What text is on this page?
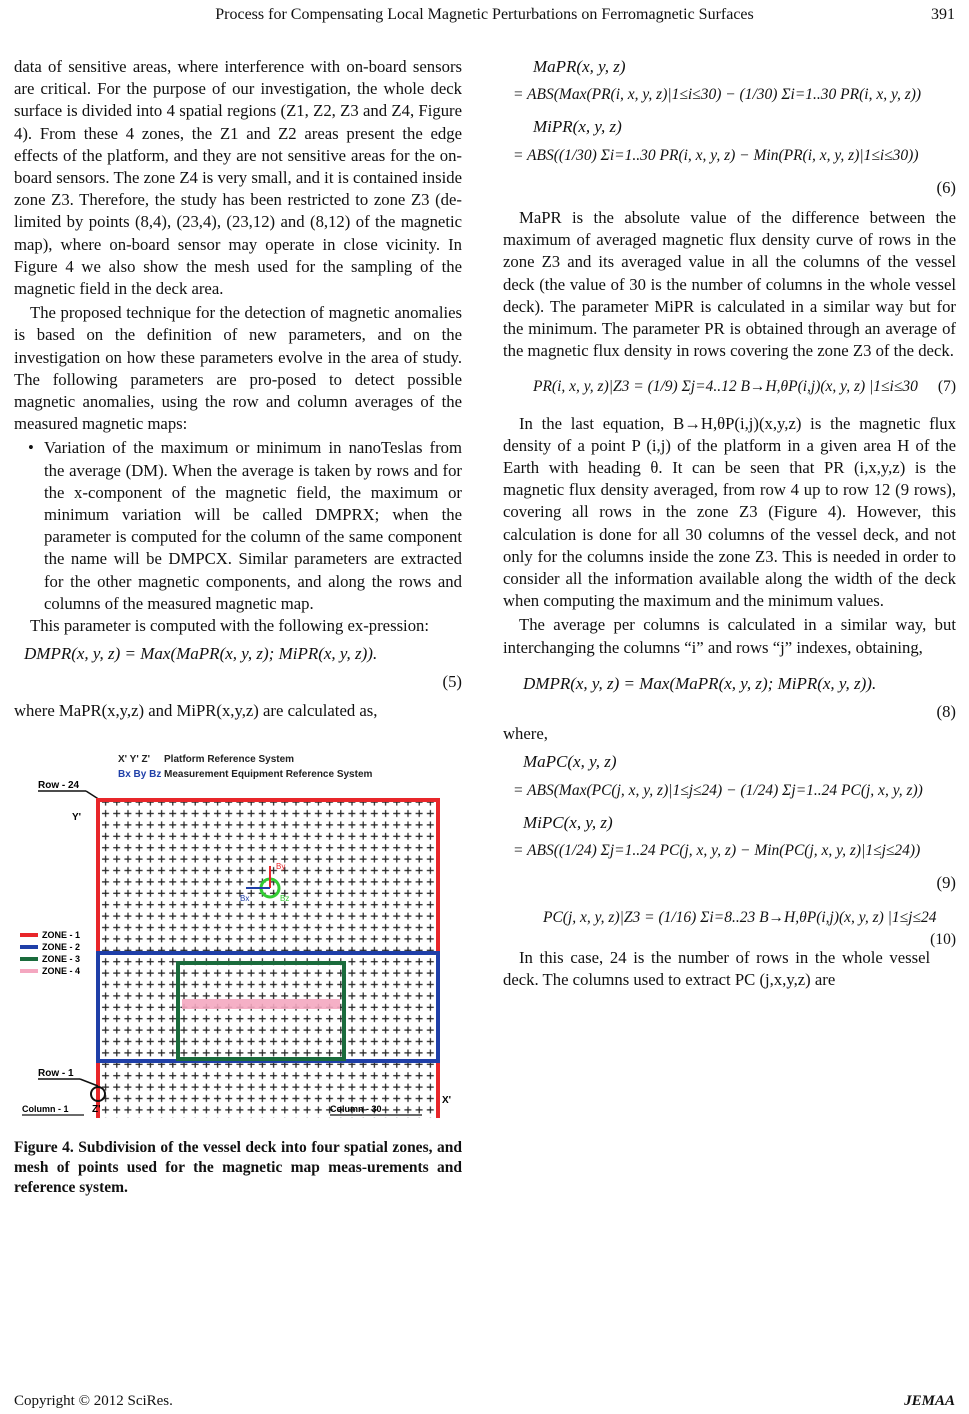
Process for Compensating Local Magnetic Perturbations on Ferromagnetic Surfaces	391

data of sensitive areas, where interference with on-board sensors are critical. For the purpose of our investigation, the whole deck surface is divided into 4 spatial regions (Z1, Z2, Z3 and Z4, Figure 4). From these 4 zones, the Z1 and Z2 areas present the edge effects of the platform, and they are not sensitive areas for the on-board sensors. The zone Z4 is very small, and it is contained inside zone Z3. Therefore, the study has been restricted to zone Z3 (de-limited by points (8,4), (23,4), (23,12) and (8,12) of the magnetic map), where on-board sensor may operate in close vicinity. In Figure 4 we also show the mesh used for the sampling of the magnetic field in the deck area.

The proposed technique for the detection of magnetic anomalies is based on the definition of new parameters, and on the investigation on how these parameters evolve in the area of study. The following parameters are pro-posed to detect possible magnetic anomalies, using the row and column averages of the measured magnetic maps:

• Variation of the maximum or minimum in nanoTeslas from the average (DM). When the average is taken by rows and for the x-component of the magnetic field, the maximum or minimum variation will be called DMPRX; when the parameter is computed for the column of the same component the name will be DMPCX. Similar parameters are extracted for the other magnetic components, and along the rows and columns of the measured magnetic map.

This parameter is computed with the following ex-pression:

DMPR(x, y, z) = Max(MaPR(x, y, z); MiPR(x, y, z)).
(5)

where MaPR(x,y,z) and MiPR(x,y,z) are calculated as,

X' Y' Z' Platform Reference System
Bx By Bz Measurement Equipment Reference System
Row - 24
Y'
By
Bx	Bz
ZONE - 1
ZONE - 2
ZONE - 3
ZONE - 4
Row - 1
Z'
X'
Column - 1	Column - 30
Figure 4. Subdivision of the vessel deck into four spatial zones, and mesh of points used for the magnetic map meas-urements and reference system.
MaPR(x, y, z)
= ABS(Max(PR(i, x, y, z)|1≤i≤30) − (1/30) Σi=1..30 PR(i, x, y, z))
MiPR(x, y, z)
= ABS((1/30) Σi=1..30 PR(i, x, y, z) − Min(PR(i, x, y, z)|1≤i≤30))
(6)

MaPR is the absolute value of the difference between the maximum of averaged magnetic flux density curve of rows in the zone Z3 and its averaged value in all the columns of the vessel deck (the value of 30 is the number of columns in the whole vessel deck). The parameter MiPR is calculated in a similar way but for the minimum. The parameter PR is obtained through an average of the magnetic flux density in rows covering the zone Z3 of the deck.

PR(i, x, y, z)|Z3 = (1/9) Σj=4..12 B→H,θP(i,j)(x, y, z) |1≤i≤30 (7)

In the last equation, B→H,θP(i,j)(x,y,z) is the magnetic flux density of a point P (i,j) of the platform in a given area H of the Earth with heading θ. It can be seen that PR (i,x,y,z) is the magnetic flux density averaged, from row 4 up to row 12 (9 rows), covering all rows in the zone Z3 (Figure 4). However, this calculation is done for all 30 columns of the vessel deck, and not only for the columns inside the zone Z3. This is needed in order to consider all the information available along the width of the deck when computing the maximum and the minimum values.

The average per columns is calculated in a similar way, but interchanging the columns “i” and rows “j” indexes, obtaining,

DMPR(x, y, z) = Max(MaPR(x, y, z); MiPR(x, y, z)).
(8)

where,

MaPC(x, y, z)
= ABS(Max(PC(j, x, y, z)|1≤j≤24) − (1/24) Σj=1..24 PC(j, x, y, z))
MiPC(x, y, z)
= ABS((1/24) Σj=1..24 PC(j, x, y, z) − Min(PC(j, x, y, z)|1≤j≤24))
(9)
PC(j, x, y, z)|Z3 = (1/16) Σi=8..23 B→H,θP(i,j)(x, y, z) |1≤j≤24
(10)

In this case, 24 is the number of rows in the whole vessel deck. The columns used to extract PC (j,x,y,z) are

Copyright © 2012 SciRes.	JEMAA
